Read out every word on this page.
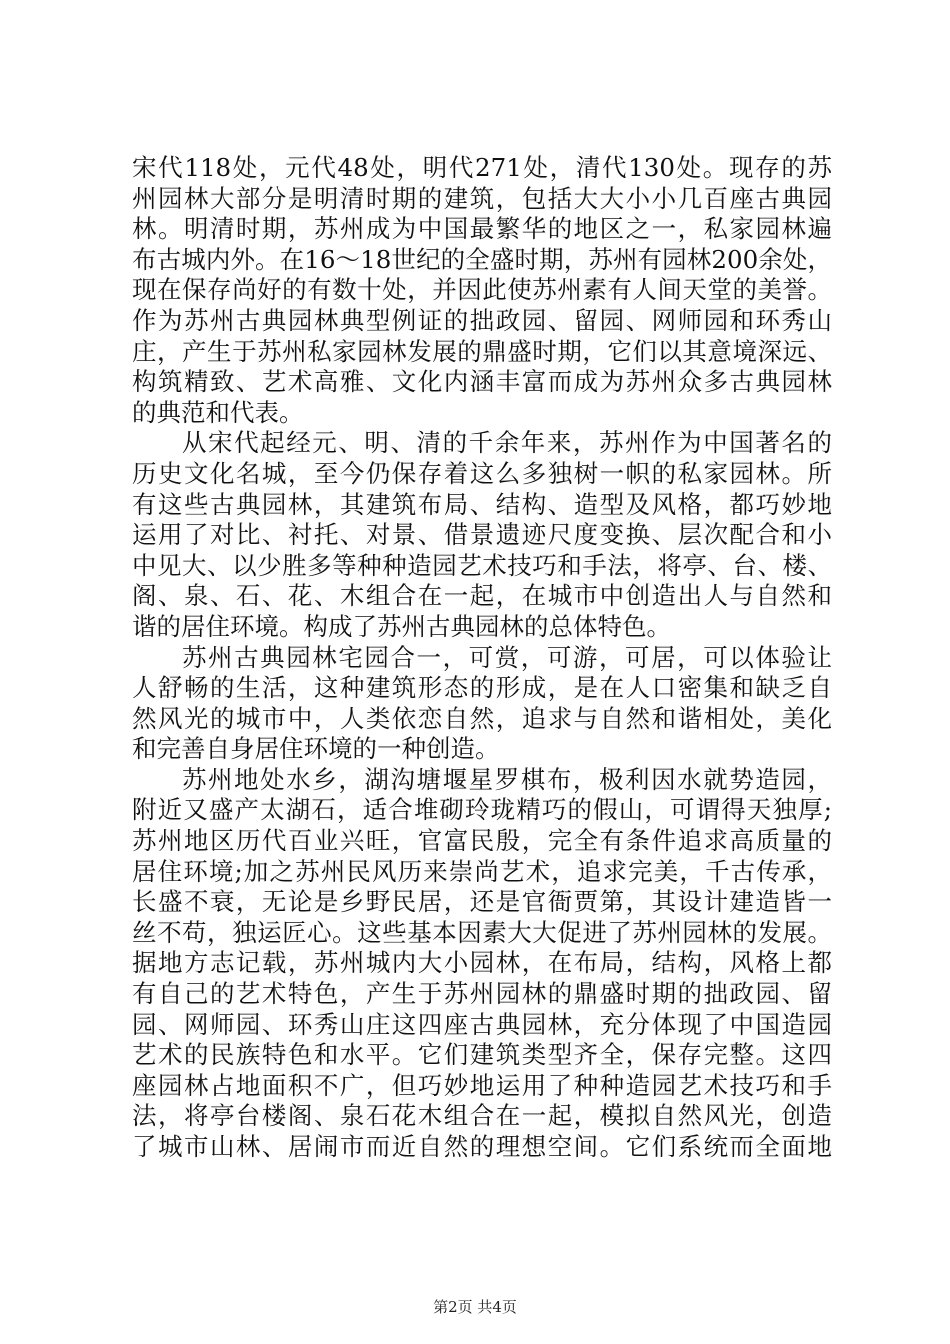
宋代118处，元代48处，明代271处，清代130处。现存的苏
州园林大部分是明清时期的建筑，包括大大小小几百座古典园
林。明清时期，苏州成为中国最繁华的地区之一，私家园林遍
布古城内外。在16～18世纪的全盛时期，苏州有园林200余处，
现在保存尚好的有数十处，并因此使苏州素有人间天堂的美誉。
作为苏州古典园林典型例证的拙政园、留园、网师园和环秀山
庄，产生于苏州私家园林发展的鼎盛时期，它们以其意境深远、
构筑精致、艺术高雅、文化内涵丰富而成为苏州众多古典园林
的典范和代表。
从宋代起经元、明、清的千余年来，苏州作为中国著名的
历史文化名城，至今仍保存着这么多独树一帜的私家园林。所
有这些古典园林，其建筑布局、结构、造型及风格，都巧妙地
运用了对比、衬托、对景、借景遗迹尺度变换、层次配合和小
中见大、以少胜多等种种造园艺术技巧和手法，将亭、台、楼、
阁、泉、石、花、木组合在一起，在城市中创造出人与自然和
谐的居住环境。构成了苏州古典园林的总体特色。
苏州古典园林宅园合一，可赏，可游，可居，可以体验让
人舒畅的生活，这种建筑形态的形成，是在人口密集和缺乏自
然风光的城市中，人类依恋自然，追求与自然和谐相处，美化
和完善自身居住环境的一种创造。
苏州地处水乡，湖沟塘堰星罗棋布，极利因水就势造园，
附近又盛产太湖石，适合堆砌玲珑精巧的假山，可谓得天独厚;
苏州地区历代百业兴旺，官富民殷，完全有条件追求高质量的
居住环境;加之苏州民风历来崇尚艺术，追求完美，千古传承，
长盛不衰，无论是乡野民居，还是官衙贾第，其设计建造皆一
丝不苟，独运匠心。这些基本因素大大促进了苏州园林的发展。
据地方志记载，苏州城内大小园林，在布局，结构，风格上都
有自己的艺术特色，产生于苏州园林的鼎盛时期的拙政园、留
园、网师园、环秀山庄这四座古典园林，充分体现了中国造园
艺术的民族特色和水平。它们建筑类型齐全，保存完整。这四
座园林占地面积不广，但巧妙地运用了种种造园艺术技巧和手
法，将亭台楼阁、泉石花木组合在一起，模拟自然风光，创造
了城市山林、居闹市而近自然的理想空间。它们系统而全面地
第2页 共4页
